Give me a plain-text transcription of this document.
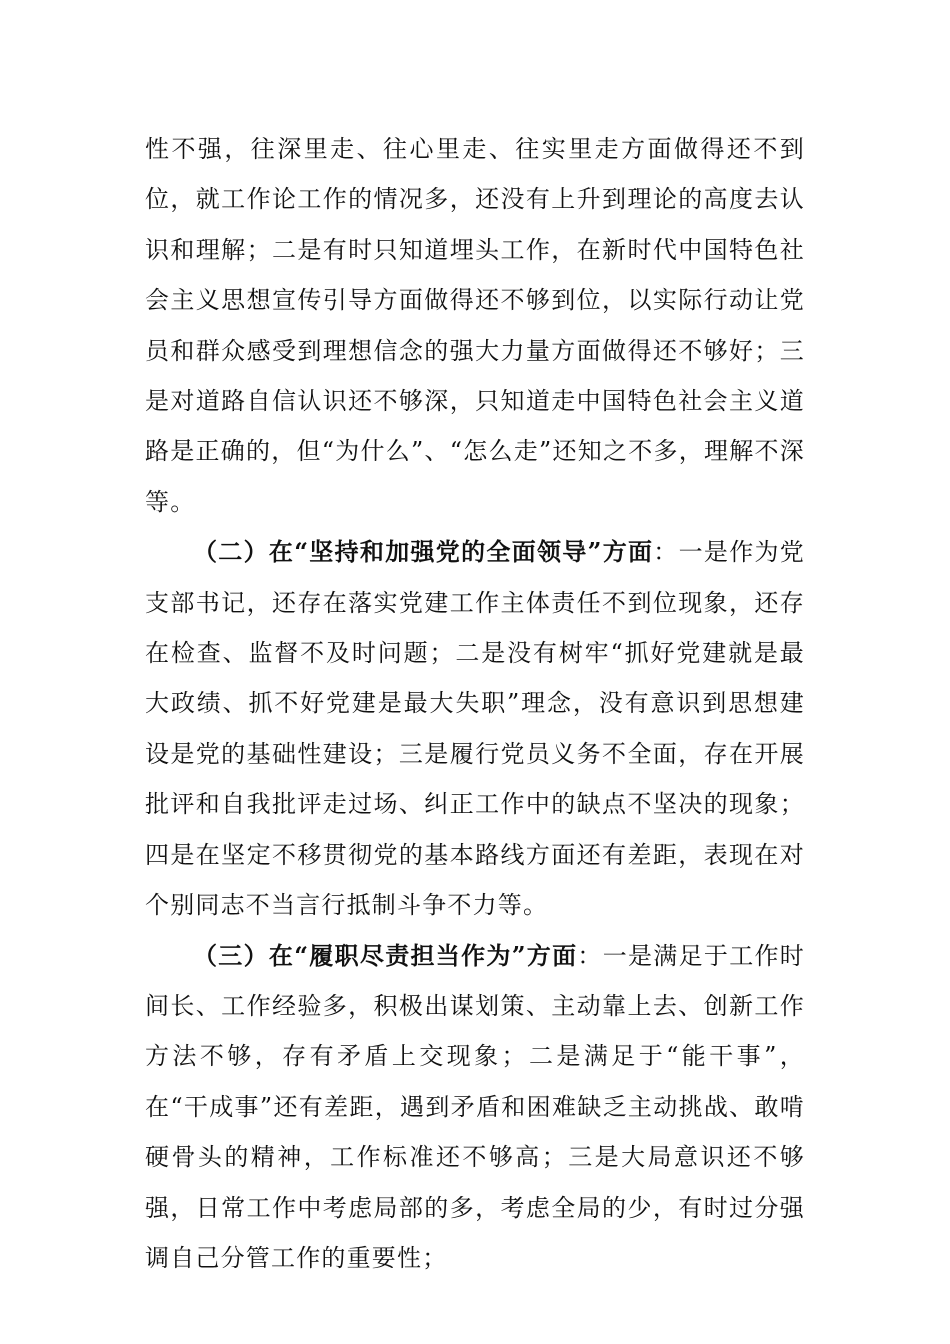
性不强，往深里走、往心里走、往实里走方面做得还不到位，就工作论工作的情况多，还没有上升到理论的高度去认识和理解；二是有时只知道埋头工作，在新时代中国特色社会主义思想宣传引导方面做得还不够到位，以实际行动让党员和群众感受到理想信念的强大力量方面做得还不够好；三是对道路自信认识还不够深，只知道走中国特色社会主义道路是正确的，但“为什么”、“怎么走”还知之不多，理解不深等。

（二）在“坚持和加强党的全面领导”方面：一是作为党支部书记，还存在落实党建工作主体责任不到位现象，还存在检查、监督不及时问题；二是没有树牢“抓好党建就是最大政绩、抓不好党建是最大失职”理念，没有意识到思想建设是党的基础性建设；三是履行党员义务不全面，存在开展批评和自我批评走过场、纠正工作中的缺点不坚决的现象；四是在坚定不移贯彻党的基本路线方面还有差距，表现在对个别同志不当言行抵制斗争不力等。

（三）在“履职尽责担当作为”方面：一是满足于工作时间长、工作经验多，积极出谋划策、主动靠上去、创新工作方法不够，存有矛盾上交现象；二是满足于“能干事”，在“干成事”还有差距，遇到矛盾和困难缺乏主动挑战、敢啃硬骨头的精神，工作标准还不够高；三是大局意识还不够强，日常工作中考虑局部的多，考虑全局的少，有时过分强调自己分管工作的重要性；
